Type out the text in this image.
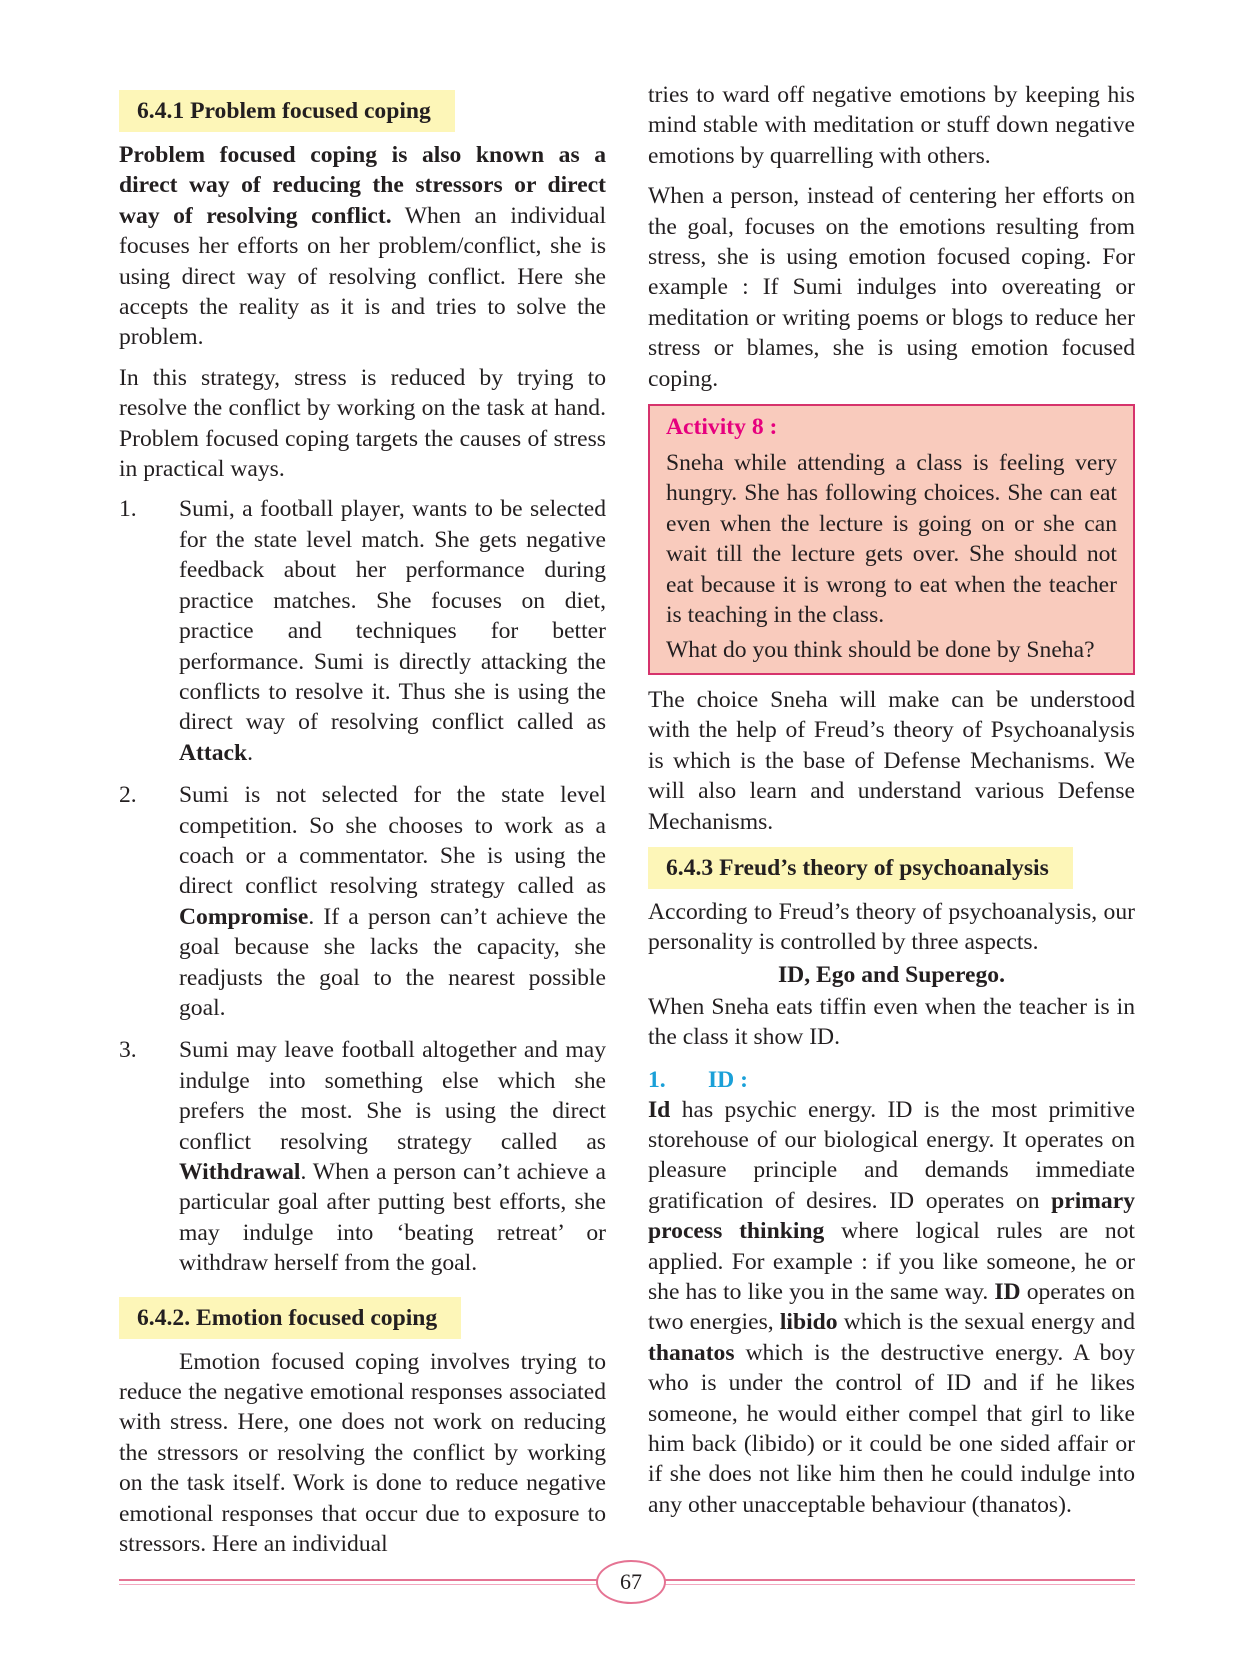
6.4.1 Problem focused coping

Problem focused coping is also known as a direct way of reducing the stressors or direct way of resolving conflict. When an individual focuses her efforts on her problem/conflict, she is using direct way of resolving conflict. Here she accepts the reality as it is and tries to solve the problem.

In this strategy, stress is reduced by trying to resolve the conflict by working on the task at hand. Problem focused coping targets the causes of stress in practical ways.

1. Sumi, a football player, wants to be selected for the state level match. She gets negative feedback about her performance during practice matches. She focuses on diet, practice and techniques for better performance. Sumi is directly attacking the conflicts to resolve it. Thus she is using the direct way of resolving conflict called as Attack.

2. Sumi is not selected for the state level competition. So she chooses to work as a coach or a commentator. She is using the direct conflict resolving strategy called as Compromise. If a person can’t achieve the goal because she lacks the capacity, she readjusts the goal to the nearest possible goal.

3. Sumi may leave football altogether and may indulge into something else which she prefers the most. She is using the direct conflict resolving strategy called as Withdrawal. When a person can’t achieve a particular goal after putting best efforts, she may indulge into ‘beating retreat’ or withdraw herself from the goal.

6.4.2. Emotion focused coping

Emotion focused coping involves trying to reduce the negative emotional responses associated with stress. Here, one does not work on reducing the stressors or resolving the conflict by working on the task itself. Work is done to reduce negative emotional responses that occur due to exposure to stressors. Here an individual

tries to ward off negative emotions by keeping his mind stable with meditation or stuff down negative emotions by quarrelling with others.

When a person, instead of centering her efforts on the goal, focuses on the emotions resulting from stress, she is using emotion focused coping. For example : If Sumi indulges into overeating or meditation or writing poems or blogs to reduce her stress or blames, she is using emotion focused coping.

Activity 8 :

Sneha while attending a class is feeling very hungry. She has following choices. She can eat even when the lecture is going on or she can wait till the lecture gets over. She should not eat because it is wrong to eat when the teacher is teaching in the class.

What do you think should be done by Sneha?

The choice Sneha will make can be understood with the help of Freud’s theory of Psychoanalysis is which is the base of Defense Mechanisms. We will also learn and understand various Defense Mechanisms.

6.4.3 Freud’s theory of psychoanalysis

According to Freud’s theory of psychoanalysis, our personality is controlled by three aspects.

ID, Ego and Superego.

When Sneha eats tiffin even when the teacher is in the class it show ID.

1. ID :

Id has psychic energy. ID is the most primitive storehouse of our biological energy. It operates on pleasure principle and demands immediate gratification of desires. ID operates on primary process thinking where logical rules are not applied. For example : if you like someone, he or she has to like you in the same way. ID operates on two energies, libido which is the sexual energy and thanatos which is the destructive energy. A boy who is under the control of ID and if he likes someone, he would either compel that girl to like him back (libido) or it could be one sided affair or if she does not like him then he could indulge into any other unacceptable behaviour (thanatos).

67
